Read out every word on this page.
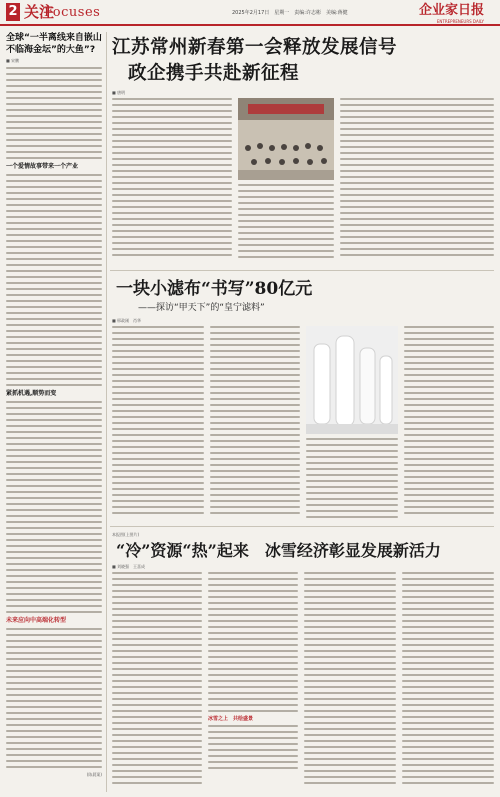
2 关注
Focuses	2025年2月17日　星期一　责编:许志彬　美编:蒋健	企业家日报
ENTREPRENEURS DAILY
全球“一半离线来自嵌山不临海金坛”的大鱼”?
■ 宋鹏
一个爱情故事带来一个产业
紧抓机遇,顺势而变
未来应向中高端化转型
(陈晨案)
江苏常州新春第一会释放发展信号
政企携手共赴新征程
■ 唐明
一块小滤布“书写”80亿元
——探访“甲天下”的“皇宁滤料”
■ 邢政刚　肖华
本报图(上图片)
“冷”资源“热”起来　冰雪经济彰显发展新活力
■ 刘晓强　王喜成
冰雪之上　共绘盛景
